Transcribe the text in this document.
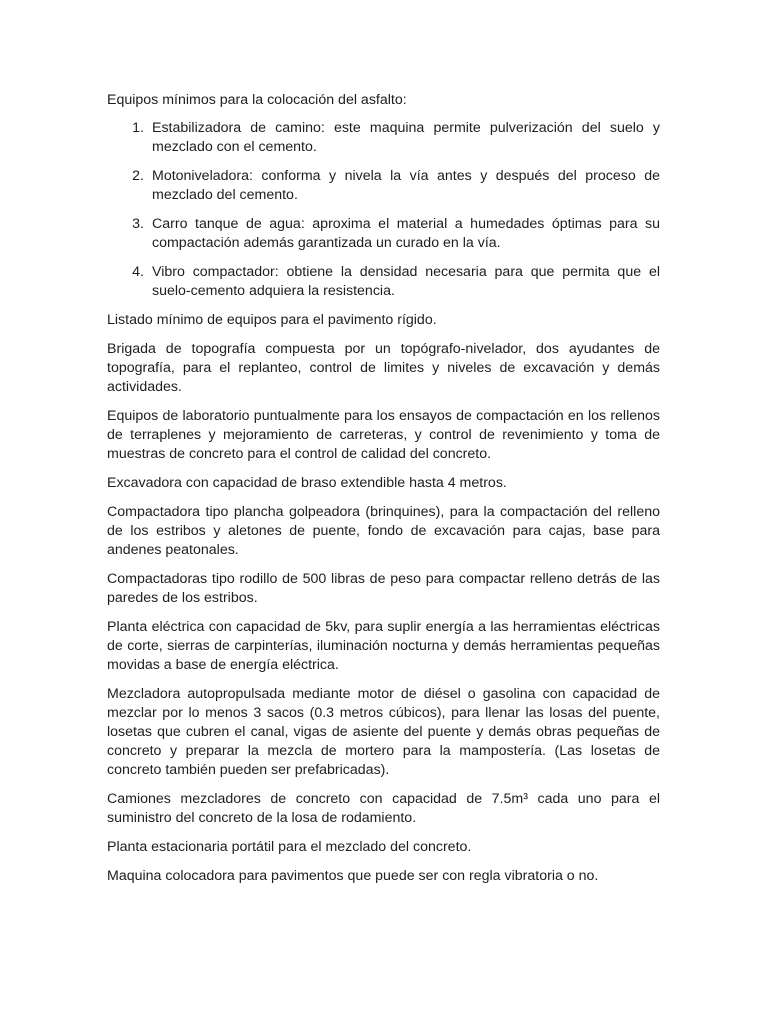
Equipos mínimos para la colocación del asfalto:

1. Estabilizadora de camino: este maquina permite pulverización del suelo y mezclado con el cemento.
2. Motoniveladora: conforma y nivela la vía antes y después del proceso de mezclado del cemento.
3. Carro tanque de agua: aproxima el material a humedades óptimas para su compactación además garantizada un curado en la vía.
4. Vibro compactador: obtiene la densidad necesaria para que permita que el suelo-cemento adquiera la resistencia.

Listado mínimo de equipos para el pavimento rígido.

Brigada de topografía compuesta por un topógrafo-nivelador, dos ayudantes de topografía, para el replanteo, control de limites y niveles de excavación y demás actividades.

Equipos de laboratorio puntualmente para los ensayos de compactación en los rellenos de terraplenes y mejoramiento de carreteras, y control de revenimiento y toma de muestras de concreto para el control de calidad del concreto.

Excavadora con capacidad de braso extendible hasta 4 metros.

Compactadora tipo plancha golpeadora (brinquines), para la compactación del relleno de los estribos y aletones de puente, fondo de excavación para cajas, base para andenes peatonales.

Compactadoras tipo rodillo de 500 libras de peso para compactar relleno detrás de las paredes de los estribos.

Planta eléctrica con capacidad de 5kv, para suplir energía a las herramientas eléctricas de corte, sierras de carpinterías, iluminación nocturna y demás herramientas pequeñas movidas a base de energía eléctrica.

Mezcladora autopropulsada mediante motor de diésel o gasolina con capacidad de mezclar por lo menos 3 sacos (0.3 metros cúbicos), para llenar las losas del puente, losetas que cubren el canal, vigas de asiente del puente y demás obras pequeñas de concreto y preparar la mezcla de mortero para la mampostería. (Las losetas de concreto también pueden ser prefabricadas).

Camiones mezcladores de concreto con capacidad de 7.5m³ cada uno para el suministro del concreto de la losa de rodamiento.

Planta estacionaria portátil para el mezclado del concreto.

Maquina colocadora para pavimentos que puede ser con regla vibratoria o no.
